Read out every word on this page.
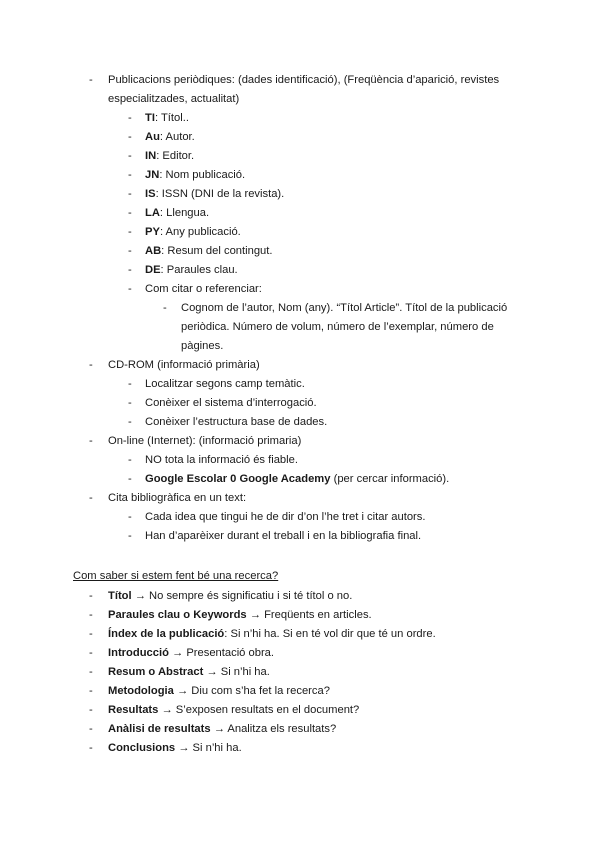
- Publicacions periòdiques: (dades identificació), (Freqüència d’aparició, revistes
especialitzades, actualitat)
- TI: Títol..
- Au: Autor.
- IN: Editor.
- JN: Nom publicació.
- IS: ISSN (DNI de la revista).
- LA: Llengua.
- PY: Any publicació.
- AB: Resum del contingut.
- DE: Paraules clau.
- Com citar o referenciar:
- Cognom de l’autor, Nom (any). “Títol Article”. Títol de la publicació
periòdica. Número de volum, número de l’exemplar, número de
pàgines.
- CD-ROM (informació primària)
- Localitzar segons camp temàtic.
- Conèixer el sistema d’interrogació.
- Conèixer l’estructura base de dades.
- On-line (Internet): (informació primaria)
- NO tota la informació és fiable.
- Google Escolar 0 Google Academy (per cercar informació).
- Cita bibliogràfica en un text:
- Cada idea que tingui he de dir d’on l’he tret i citar autors.
- Han d’aparèixer durant el treball i en la bibliografia final.
Com saber si estem fent bé una recerca?
- Títol → No sempre és significatiu i si té títol o no.
- Paraules clau o Keywords → Freqüents en articles.
- Índex de la publicació: Si n’hi ha. Si en té vol dir que té un ordre.
- Introducció → Presentació obra.
- Resum o Abstract → Si n’hi ha.
- Metodologia → Diu com s’ha fet la recerca?
- Resultats → S’exposen resultats en el document?
- Anàlisi de resultats → Analitza els resultats?
- Conclusions → Si n’hi ha.
